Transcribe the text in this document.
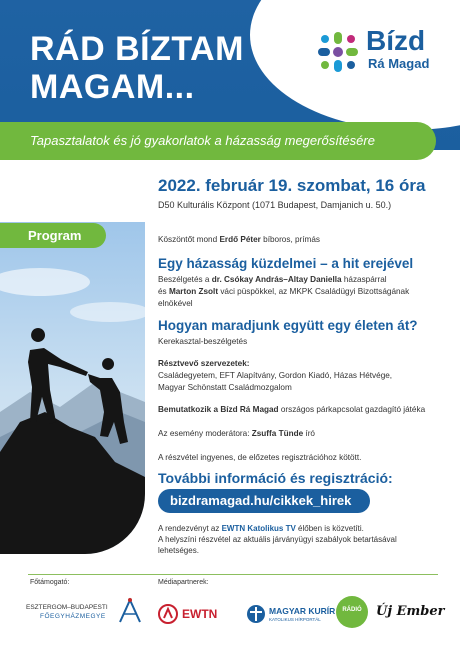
RÁD BÍZTAM
MAGAM...
Bízd
Rá Magad
Tapasztalatok és jó gyakorlatok a házasság megerősítésére
2022. február 19. szombat, 16 óra
D50 Kulturális Központ (1071 Budapest, Damjanich u. 50.)
Program	Köszöntőt mond Erdő Péter bíboros, prímás
Egy házasság küzdelmei – a hit erejével
Beszélgetés a dr. Csókay András–Altay Daniella házaspárral
és Marton Zsolt váci püspökkel, az MKPK Családügyi Bizottságának
elnökével
Hogyan maradjunk együtt egy életen át?
Kerekasztal-beszélgetés
Résztvevő szervezetek:
Családegyetem, EFT Alapítvány, Gordon Kiadó, Házas Hétvége,
Magyar Schönstatt Családmozgalom
Bemutatkozik a Bízd Rá Magad országos párkapcsolat gazdagító játéka
Az esemény moderátora: Zsuffa Tünde író
A részvétel ingyenes, de előzetes regisztrációhoz kötött.
További információ és regisztráció:
bizdramagad.hu/cikkek_hirek
A rendezvényt az EWTN Katolikus TV élőben is közvetíti.
A helyszíni részvétel az aktuális járványügyi szabályok betartásával
lehetséges.
Főtámogató:	Médiapartnerek:
ESZTERGOM–BUDAPESTI
FŐEGYHÁZMEGYE	EWTN	MAGYAR KURÍR
KATOLIKUS HÍRPORTÁL
RÁDIÓ	Új Ember
